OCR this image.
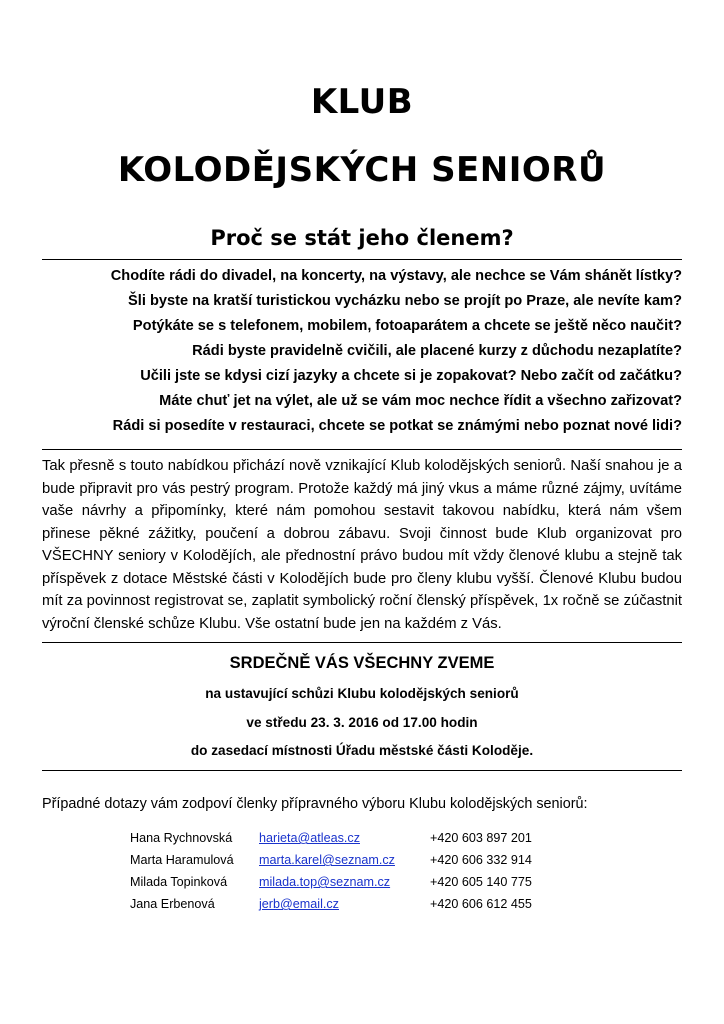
KLUB
KOLODĚJSKÝCH SENIORŮ
Proč se stát jeho členem?
Chodíte rádi do divadel, na koncerty, na výstavy, ale nechce se Vám shánět lístky?
Šli byste na kratší turistickou vycházku nebo se projít po Praze, ale nevíte kam?
Potýkáte se s telefonem, mobilem, fotoaparátem a chcete se ještě něco naučit?
Rádi byste pravidelně cvičili, ale placené kurzy z důchodu nezaplatíte?
Učili jste se kdysi cizí jazyky a chcete si je zopakovat? Nebo začít od začátku?
Máte chuť jet na výlet, ale už se vám moc nechce řídit a všechno zařizovat?
Rádi si posedíte v restauraci, chcete se potkat se známými nebo poznat nové lidi?

Tak přesně s touto nabídkou přichází nově vznikající Klub kolodějských seniorů. Naší snahou je a bude připravit pro vás pestrý program. Protože každý má jiný vkus a máme různé zájmy, uvítáme vaše návrhy a připomínky, které nám pomohou sestavit takovou nabídku, která nám všem přinese pěkné zážitky, poučení a dobrou zábavu. Svoji činnost bude Klub organizovat pro VŠECHNY seniory v Kolodějích, ale přednostní právo budou mít vždy členové klubu a stejně tak příspěvek z dotace Městské části v Kolodějích bude pro členy klubu vyšší. Členové Klubu budou mít za povinnost registrovat se, zaplatit symbolický roční členský příspěvek, 1x ročně se zúčastnit výroční členské schůze Klubu. Vše ostatní bude jen na každém z Vás.

SRDEČNĚ VÁS VŠECHNY ZVEME
na ustavující schůzi Klubu kolodějských seniorů
ve středu 23. 3. 2016 od 17.00 hodin
do zasedací místnosti Úřadu městské části Koloděje.
Případné dotazy vám zodpoví členky přípravného výboru Klubu kolodějských seniorů:
Hana Rychnovská harieta@atleas.cz	+420 603 897 201
Marta Haramulová marta.karel@seznam.cz	+420 606 332 914
Milada Topinková	milada.top@seznam.cz	+420 605 140 775
Jana Erbenová	jerb@email.cz	+420 606 612 455
